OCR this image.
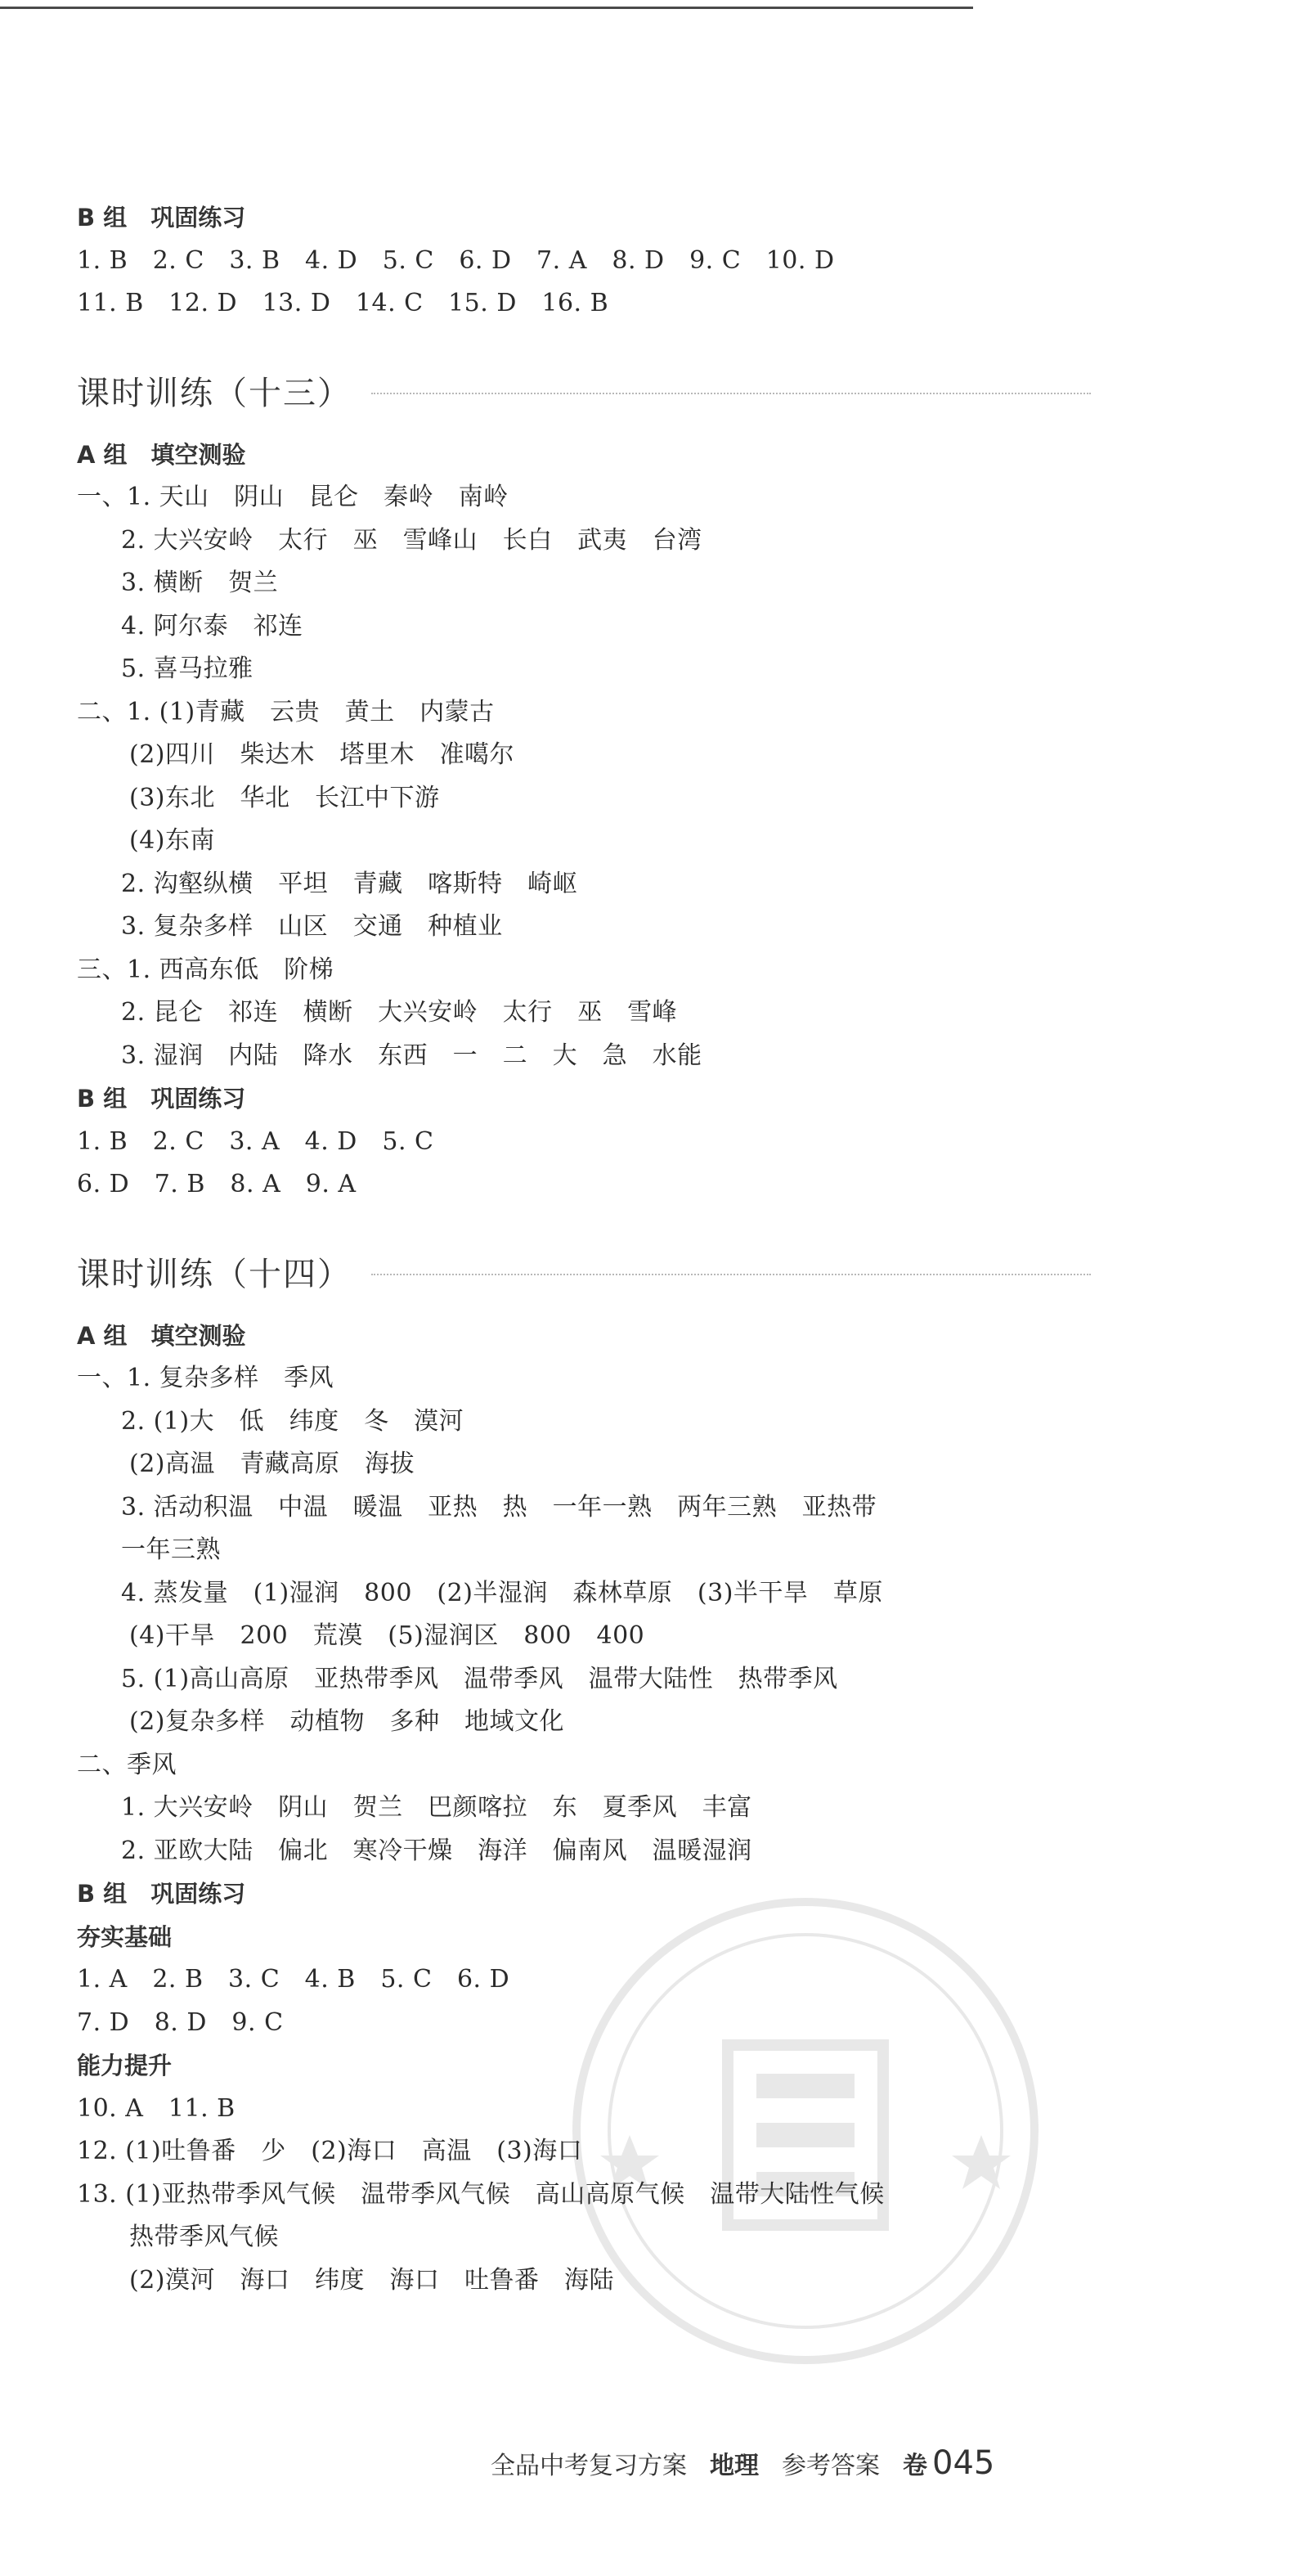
B 组　巩固练习
1. B　2. C　3. B　4. D　5. C　6. D　7. A　8. D　9. C　10. D
11. B　12. D　13. D　14. C　15. D　16. B
课时训练（十三）
A 组　填空测验
一、1. 天山　阴山　昆仑　秦岭　南岭
2. 大兴安岭　太行　巫　雪峰山　长白　武夷　台湾
3. 横断　贺兰
4. 阿尔泰　祁连
5. 喜马拉雅
二、1. (1)青藏　云贵　黄土　内蒙古
(2)四川　柴达木　塔里木　准噶尔
(3)东北　华北　长江中下游
(4)东南
2. 沟壑纵横　平坦　青藏　喀斯特　崎岖
3. 复杂多样　山区　交通　种植业
三、1. 西高东低　阶梯
2. 昆仑　祁连　横断　大兴安岭　太行　巫　雪峰
3. 湿润　内陆　降水　东西　一　二　大　急　水能
B 组　巩固练习
1. B　2. C　3. A　4. D　5. C
6. D　7. B　8. A　9. A
课时训练（十四）
A 组　填空测验
一、1. 复杂多样　季风
2. (1)大　低　纬度　冬　漠河
(2)高温　青藏高原　海拔
3. 活动积温　中温　暖温　亚热　热　一年一熟　两年三熟　亚热带
一年三熟
4. 蒸发量　(1)湿润　800　(2)半湿润　森林草原　(3)半干旱　草原
(4)干旱　200　荒漠　(5)湿润区　800　400
5. (1)高山高原　亚热带季风　温带季风　温带大陆性　热带季风
(2)复杂多样　动植物　多种　地域文化
二、季风
1. 大兴安岭　阴山　贺兰　巴颜喀拉　东　夏季风　丰富
2. 亚欧大陆　偏北　寒冷干燥　海洋　偏南风　温暖湿润
B 组　巩固练习
夯实基础
1. A　2. B　3. C　4. B　5. C　6. D
7. D　8. D　9. C
能力提升
10. A　11. B
12. (1)吐鲁番　少　(2)海口　高温　(3)海口
13. (1)亚热带季风气候　温带季风气候　高山高原气候　温带大陆性气候
热带季风气候
(2)漠河　海口　纬度　海口　吐鲁番　海陆
全品中考复习方案 地理 参考答案 卷 045
